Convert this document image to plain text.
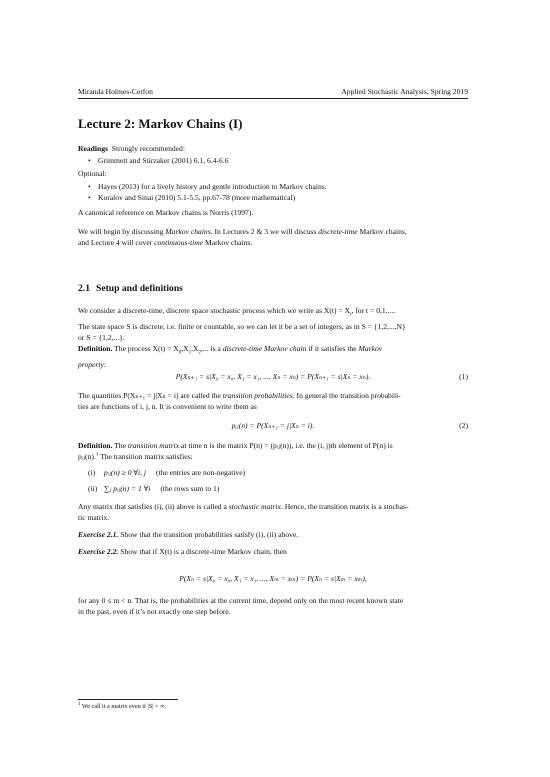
Miranda Holmes-Cerfon	Applied Stochastic Analysis, Spring 2019
Lecture 2: Markov Chains (I)
Readings Strongly recommended:
• Grimmett and Stirzaker (2001) 6.1, 6.4-6.6
Optional:
• Hayes (2013) for a lively history and gentle introduction to Markov chains.
• Koralov and Sinai (2010) 5.1-5.5, pp.67-78 (more mathematical)
A canonical reference on Markov chains is Norris (1997).
We will begin by discussing Markov chains. In Lectures 2 & 3 we will discuss discrete-time Markov chains,
and Lecture 4 will cover continuous-time Markov chains.
2.1 Setup and definitions
We consider a discrete-time, discrete space stochastic process which we write as $X(t) = X_t$, for t = 0,1,....
The state space S is discrete, i.e. finite or countable, so we can let it be a set of integers, as in S = {1,2,...,N}
or S = {1,2,...}.
Definition. The process $X(t) = X_0,X_1,X_2$,... is a discrete-time Markov chain if it satisfies the Markov
property:
P(Xₙ₊₁ = s|X₀ = x₀, X₁ = x₁, ..., Xₙ = xₙ) = P(Xₙ₊₁ = s|Xₙ = xₙ).	(1)
The quantities P(Xₙ₊₁ = j|Xₙ = i) are called the transition probabilities. In general the transition probabili-
ties are functions of i, j, n. It is convenient to write them as
pᵢⱼ(n) = P(Xₙ₊₁ = j|Xₙ = i).	(2)
Definition. The transition matrix at time n is the matrix P(n) = (pᵢⱼ(n)), i.e. the (i, j)th element of P(n) is
pᵢⱼ(n).$^1$ The transition matrix satisfies:
(i) pᵢⱼ(n) ≥ 0 ∀i, j (the entries are non-negative)
(ii) ∑ⱼ pᵢⱼ(n) = 1 ∀i (the rows sum to 1)
Any matrix that satisfies (i), (ii) above is called a stochastic matrix. Hence, the transition matrix is a stochas-
tic matrix.
Exercise 2.1. Show that the transition probabilities satisfy (i), (ii) above.
Exercise 2.2. Show that if X(t) is a discrete-time Markov chain, then
P(Xₙ = s|X₀ = x₀, X₁ = x₁, ..., Xₘ = xₘ) = P(Xₙ = s|Xₘ = xₘ),
for any 0 ≤ m < n. That is, the probabilities at the current time, depend only on the most recent known state
in the past, even if it’s not exactly one step before.
$^1$ We call it a matrix even if |S| = ∞.
